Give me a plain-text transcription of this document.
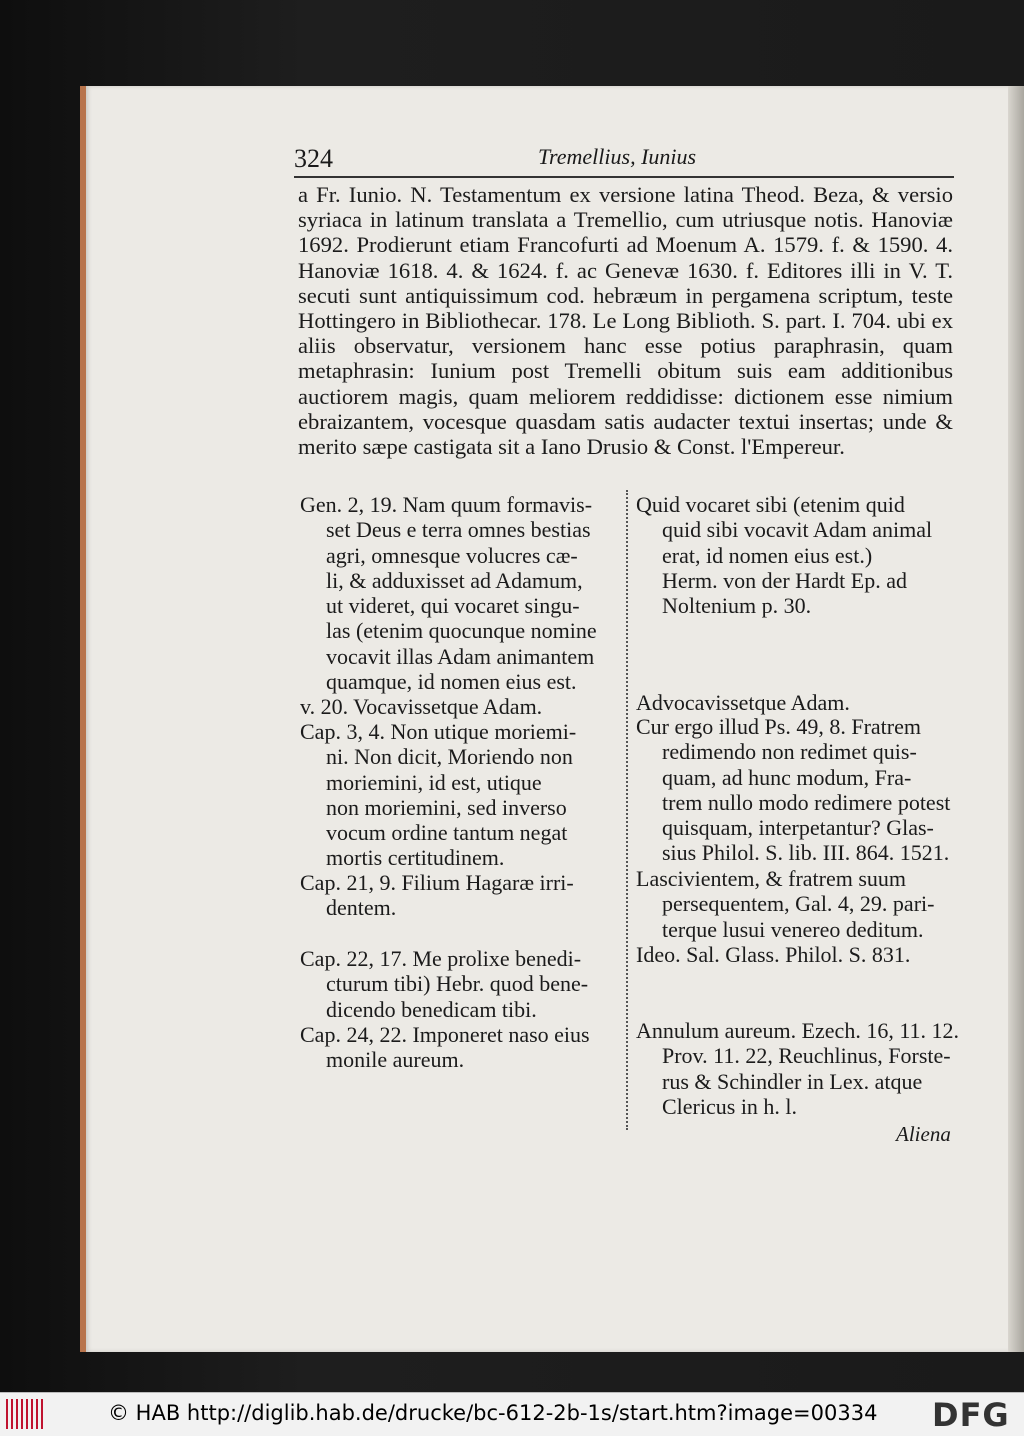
324	Tremellius, Iunius

a Fr. Iunio. N. Testamentum ex versione latina Theod. Beza, & versio syriaca in latinum translata a Tremellio, cum utriusque notis. Hanoviæ 1692. Prodierunt etiam Francofurti ad Moenum A. 1579. f. & 1590. 4. Hanoviæ 1618. 4. & 1624. f. ac Genevæ 1630. f. Editores illi in V. T. secuti sunt antiquissimum cod. hebræum in pergamena scriptum, teste Hottingero in Bibliothecar. 178. Le Long Biblioth. S. part. I. 704. ubi ex aliis observatur, versionem hanc esse potius paraphrasin, quam metaphrasin: Iunium post Tremelli obitum suis eam additionibus auctiorem magis, quam meliorem reddidisse: dictionem esse nimium ebraizantem, vocesque quasdam satis audacter textui insertas; unde & merito sæpe castigata sit a Iano Drusio & Const. l'Empereur.

Gen. 2, 19. Nam quum formavis-
set Deus e terra omnes bestias
agri, omnesque volucres cæ-
li, & adduxisset ad Adamum,
ut videret, qui vocaret singu-
las (etenim quocunque nomine
vocavit illas Adam animantem
quamque, id nomen eius est.
v. 20. Vocavissetque Adam.
Cap. 3, 4. Non utique moriemi-
ni. Non dicit, Moriendo non
moriemini, id est, utique
non moriemini, sed inverso
vocum ordine tantum negat
mortis certitudinem.
Cap. 21, 9. Filium Hagaræ irri-
dentem.
Cap. 22, 17. Me prolixe benedi-
cturum tibi) Hebr. quod bene-
dicendo benedicam tibi.
Cap. 24, 22. Imponeret naso eius
monile aureum.
Quid vocaret sibi (etenim quid
quid sibi vocavit Adam animal
erat, id nomen eius est.)
Herm. von der Hardt Ep. ad
Noltenium p. 30.
Advocavissetque Adam.
Cur ergo illud Ps. 49, 8. Fratrem
redimendo non redimet quis-
quam, ad hunc modum, Fra-
trem nullo modo redimere potest
quisquam, interpetantur? Glas-
sius Philol. S. lib. III. 864. 1521.
Lascivientem, & fratrem suum
persequentem, Gal. 4, 29. pari-
terque lusui venereo deditum.
Ideo. Sal. Glass. Philol. S. 831.
Annulum aureum. Ezech. 16, 11. 12.
Prov. 11. 22, Reuchlinus, Forste-
rus & Schindler in Lex. atque
Clericus in h. l.
Aliena
© HAB http://diglib.hab.de/drucke/bc-612-2b-1s/start.htm?image=00334 DFG
